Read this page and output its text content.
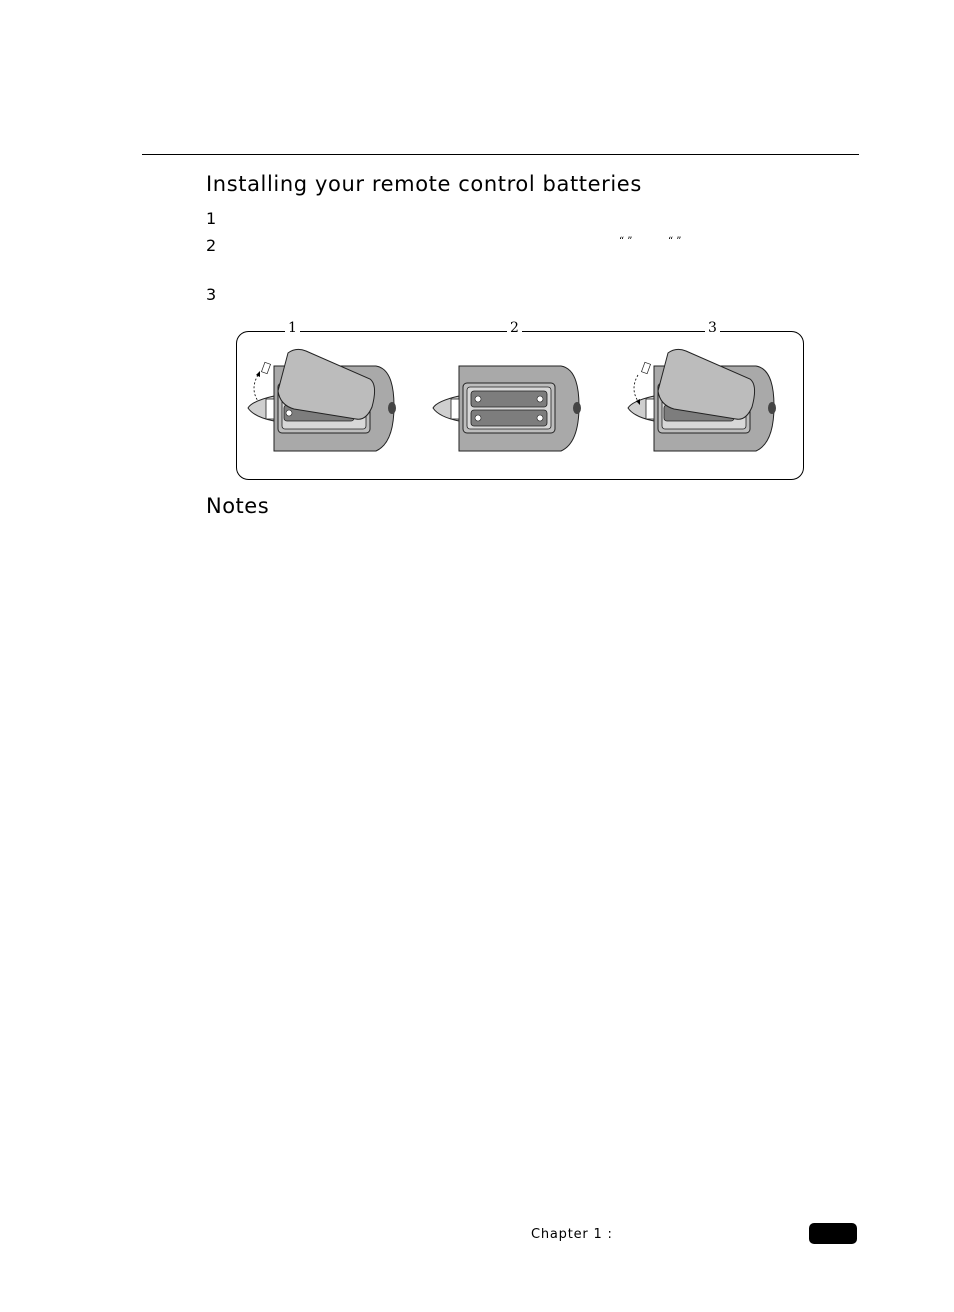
Installing your remote control batteries
1
2	“ ”	“ ”
3
1	2	3
Notes
Chapter 1 :
